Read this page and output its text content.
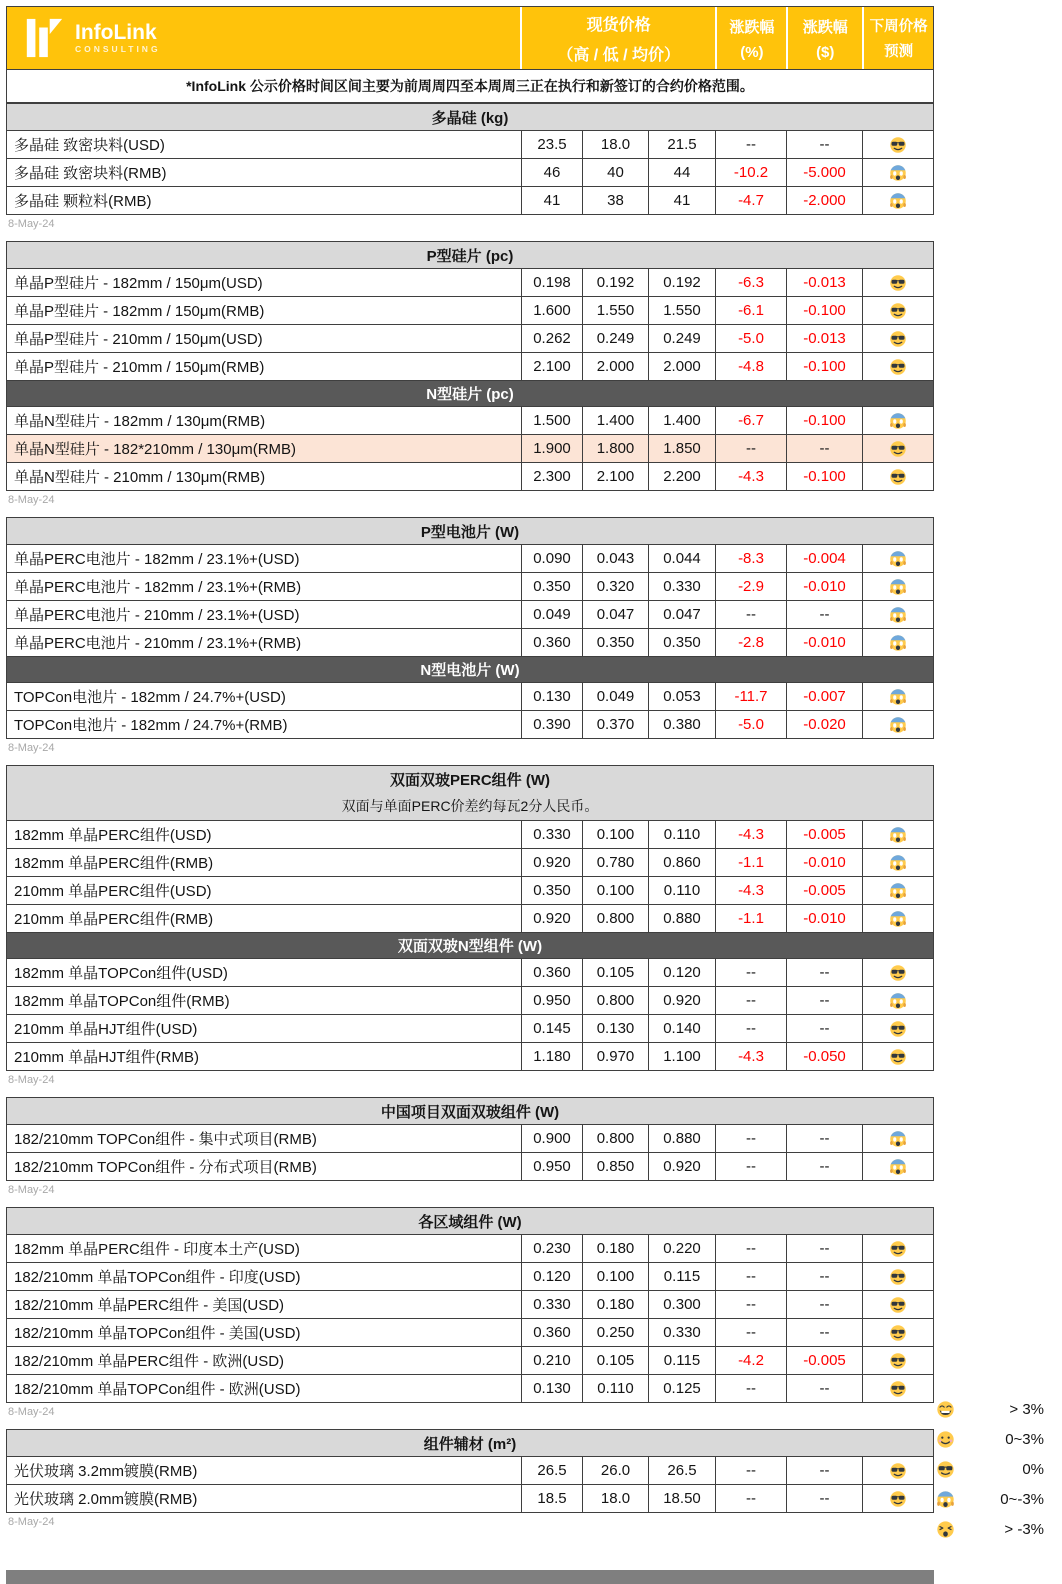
InfoLink
CONSULTING
现货价格
（高 / 低 / 均价）
涨跌幅
(%)
涨跌幅
($)
下周价格
预测
*InfoLink 公示价格时间区间主要为前周周四至本周周三正在执行和新签订的合约价格范围。
多晶硅 (kg)
多晶硅 致密块料(USD)	23.5	18.0	21.5	--	--
多晶硅 致密块料(RMB)	46	40	44	-10.2	-5.000
多晶硅 颗粒料(RMB)	41	38	41	-4.7	-2.000
8-May-24
P型硅片 (pc)
单晶P型硅片 - 182mm / 150μm(USD)	0.198	0.192	0.192	-6.3	-0.013
单晶P型硅片 - 182mm / 150μm(RMB)	1.600	1.550	1.550	-6.1	-0.100
单晶P型硅片 - 210mm / 150μm(USD)	0.262	0.249	0.249	-5.0	-0.013
单晶P型硅片 - 210mm / 150μm(RMB)	2.100	2.000	2.000	-4.8	-0.100
N型硅片 (pc)
单晶N型硅片 - 182mm / 130μm(RMB)	1.500	1.400	1.400	-6.7	-0.100
单晶N型硅片 - 182*210mm / 130μm(RMB)	1.900	1.800	1.850	--	--
单晶N型硅片 - 210mm / 130μm(RMB)	2.300	2.100	2.200	-4.3	-0.100
8-May-24
P型电池片 (W)
单晶PERC电池片 - 182mm / 23.1%+(USD)	0.090	0.043	0.044	-8.3	-0.004
单晶PERC电池片 - 182mm / 23.1%+(RMB)	0.350	0.320	0.330	-2.9	-0.010
单晶PERC电池片 - 210mm / 23.1%+(USD)	0.049	0.047	0.047	--	--
单晶PERC电池片 - 210mm / 23.1%+(RMB)	0.360	0.350	0.350	-2.8	-0.010
N型电池片 (W)
TOPCon电池片 - 182mm / 24.7%+(USD)	0.130	0.049	0.053	-11.7	-0.007
TOPCon电池片 - 182mm / 24.7%+(RMB)	0.390	0.370	0.380	-5.0	-0.020
8-May-24
双面双玻PERC组件 (W)
双面与单面PERC价差约每瓦2分人民币。
182mm 单晶PERC组件(USD)	0.330	0.100	0.110	-4.3	-0.005
182mm 单晶PERC组件(RMB)	0.920	0.780	0.860	-1.1	-0.010
210mm 单晶PERC组件(USD)	0.350	0.100	0.110	-4.3	-0.005
210mm 单晶PERC组件(RMB)	0.920	0.800	0.880	-1.1	-0.010
双面双玻N型组件 (W)
182mm 单晶TOPCon组件(USD)	0.360	0.105	0.120	--	--
182mm 单晶TOPCon组件(RMB)	0.950	0.800	0.920	--	--
210mm 单晶HJT组件(USD)	0.145	0.130	0.140	--	--
210mm 单晶HJT组件(RMB)	1.180	0.970	1.100	-4.3	-0.050
8-May-24
中国项目双面双玻组件 (W)
182/210mm TOPCon组件 - 集中式项目(RMB)	0.900	0.800	0.880	--	--
182/210mm TOPCon组件 - 分布式项目(RMB)	0.950	0.850	0.920	--	--
8-May-24
各区域组件 (W)
182mm 单晶PERC组件 - 印度本土产(USD)	0.230	0.180	0.220	--	--
182/210mm 单晶TOPCon组件 - 印度(USD)	0.120	0.100	0.115	--	--
182/210mm 单晶PERC组件 - 美国(USD)	0.330	0.180	0.300	--	--
182/210mm 单晶TOPCon组件 - 美国(USD)	0.360	0.250	0.330	--	--
182/210mm 单晶PERC组件 - 欧洲(USD)	0.210	0.105	0.115	-4.2	-0.005
182/210mm 单晶TOPCon组件 - 欧洲(USD)	0.130	0.110	0.125	--	--
8-May-24
组件辅材 (m²)
光伏玻璃 3.2mm镀膜(RMB)	26.5	26.0	26.5	--	--
光伏玻璃 2.0mm镀膜(RMB)	18.5	18.0	18.50	--	--
8-May-24
> 3%
0~3%
0%
0~-3%
> -3%
